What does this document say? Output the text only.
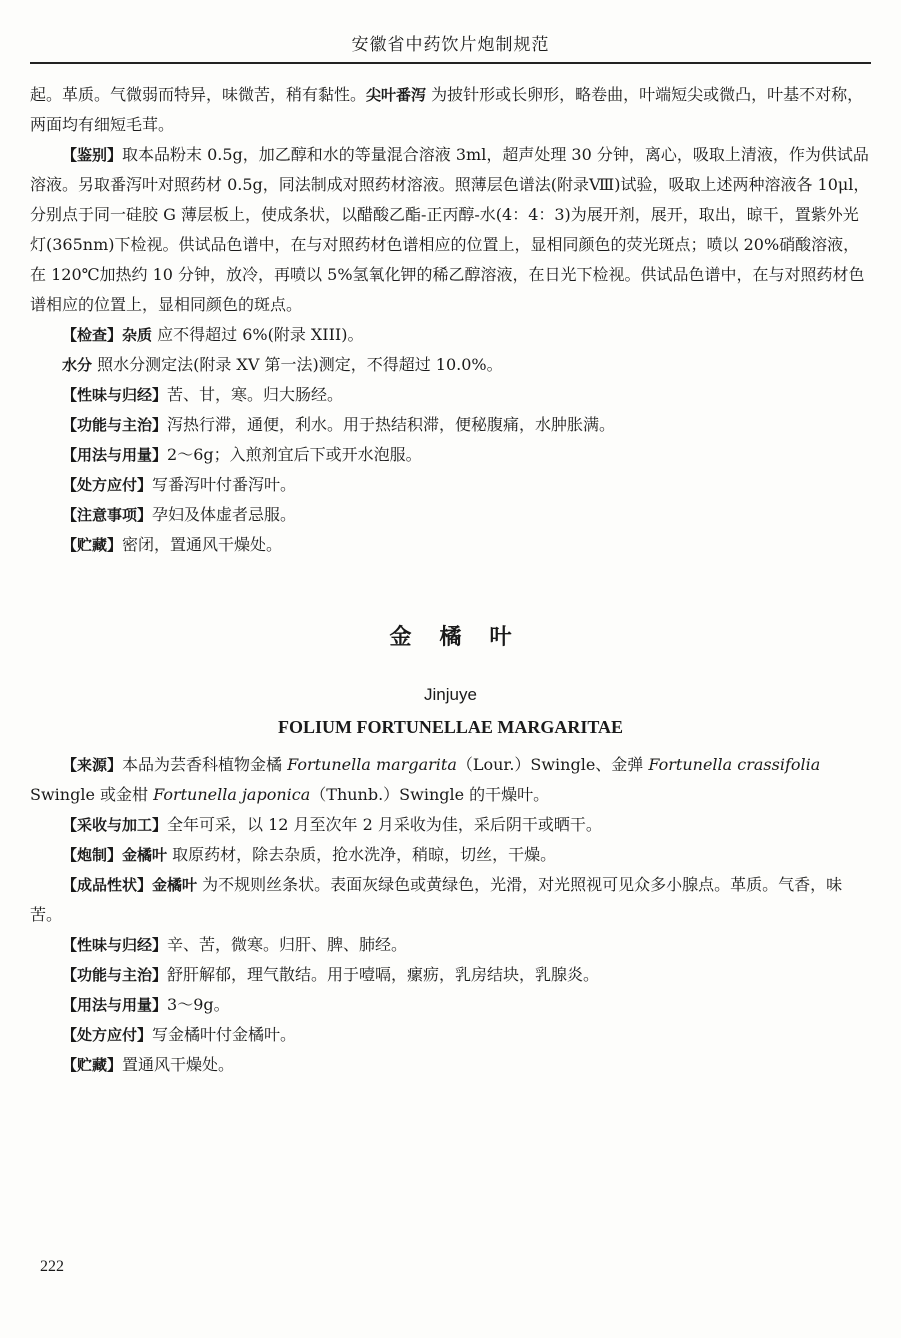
安徽省中药饮片炮制规范

起。革质。气微弱而特异，味微苦，稍有黏性。尖叶番泻 为披针形或长卵形，略卷曲，叶端短尖或微凸，叶基不对称，两面均有细短毛茸。

【鉴别】取本品粉末 0.5g，加乙醇和水的等量混合溶液 3ml，超声处理 30 分钟，离心，吸取上清液，作为供试品溶液。另取番泻叶对照药材 0.5g，同法制成对照药材溶液。照薄层色谱法(附录Ⅷ)试验，吸取上述两种溶液各 10μl，分别点于同一硅胶 G 薄层板上，使成条状，以醋酸乙酯-正丙醇-水(4：4：3)为展开剂，展开，取出，晾干，置紫外光灯(365nm)下检视。供试品色谱中，在与对照药材色谱相应的位置上，显相同颜色的荧光斑点；喷以 20%硝酸溶液，在 120℃加热约 10 分钟，放冷，再喷以 5%氢氧化钾的稀乙醇溶液，在日光下检视。供试品色谱中，在与对照药材色谱相应的位置上，显相同颜色的斑点。

【检查】杂质 应不得超过 6%(附录 XIII)。

水分 照水分测定法(附录 XV 第一法)测定，不得超过 10.0%。

【性味与归经】苦、甘，寒。归大肠经。

【功能与主治】泻热行滞，通便，利水。用于热结积滞，便秘腹痛，水肿胀满。

【用法与用量】2～6g；入煎剂宜后下或开水泡服。

【处方应付】写番泻叶付番泻叶。

【注意事项】孕妇及体虚者忌服。

【贮藏】密闭，置通风干燥处。

金橘叶
Jinjuye
FOLIUM FORTUNELLAE MARGARITAE

【来源】本品为芸香科植物金橘 Fortunella margarita（Lour.）Swingle、金弹 Fortunella crassifolia Swingle 或金柑 Fortunella japonica（Thunb.）Swingle 的干燥叶。

【采收与加工】全年可采，以 12 月至次年 2 月采收为佳，采后阴干或晒干。

【炮制】金橘叶 取原药材，除去杂质，抢水洗净，稍晾，切丝，干燥。

【成品性状】金橘叶 为不规则丝条状。表面灰绿色或黄绿色，光滑，对光照视可见众多小腺点。革质。气香，味苦。

【性味与归经】辛、苦，微寒。归肝、脾、肺经。

【功能与主治】舒肝解郁，理气散结。用于噎嗝，瘰疬，乳房结块，乳腺炎。

【用法与用量】3～9g。

【处方应付】写金橘叶付金橘叶。

【贮藏】置通风干燥处。

222
